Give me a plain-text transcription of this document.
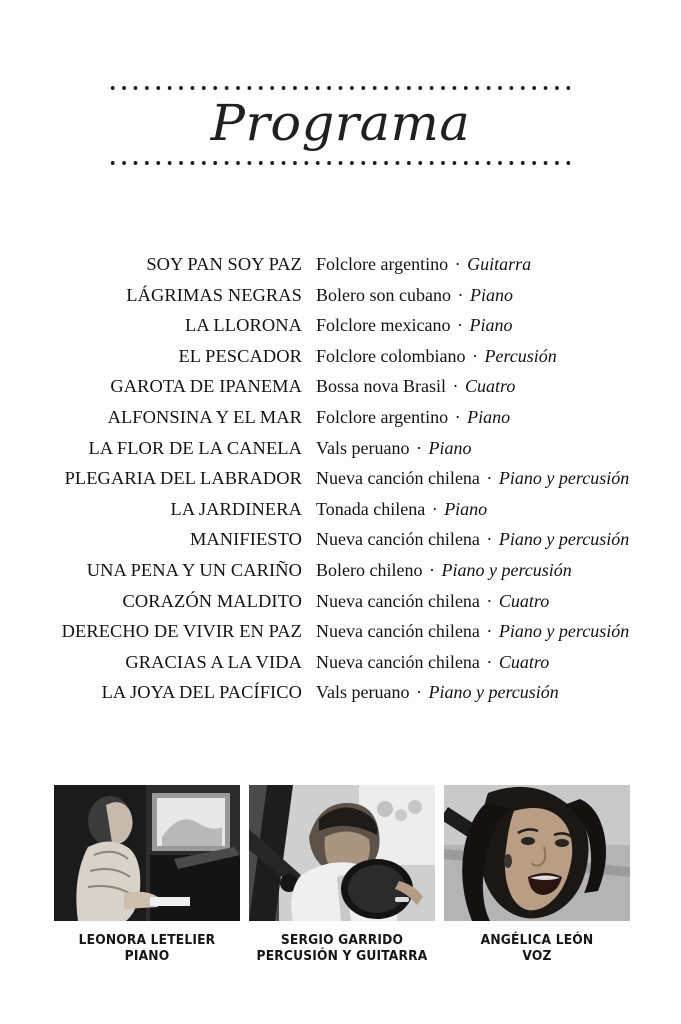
Programa
SOY PAN SOY PAZ Folclore argentino · Guitarra
LÁGRIMAS NEGRAS Bolero son cubano · Piano
LA LLORONA Folclore mexicano · Piano
EL PESCADOR Folclore colombiano · Percusión
GAROTA DE IPANEMA Bossa nova Brasil · Cuatro
ALFONSINA Y EL MAR Folclore argentino · Piano
LA FLOR DE LA CANELA Vals peruano · Piano
PLEGARIA DEL LABRADOR Nueva canción chilena · Piano y percusión
LA JARDINERA Tonada chilena · Piano
MANIFIESTO Nueva canción chilena · Piano y percusión
UNA PENA Y UN CARIÑO Bolero chileno · Piano y percusión
CORAZÓN MALDITO Nueva canción chilena · Cuatro
DERECHO DE VIVIR EN PAZ Nueva canción chilena · Piano y percusión
GRACIAS A LA VIDA Nueva canción chilena · Cuatro
LA JOYA DEL PACÍFICO Vals peruano · Piano y percusión
LEONORA LETELIER
PIANO
SERGIO GARRIDO
PERCUSIÓN Y GUITARRA
ANGÉLICA LEÓN
VOZ
